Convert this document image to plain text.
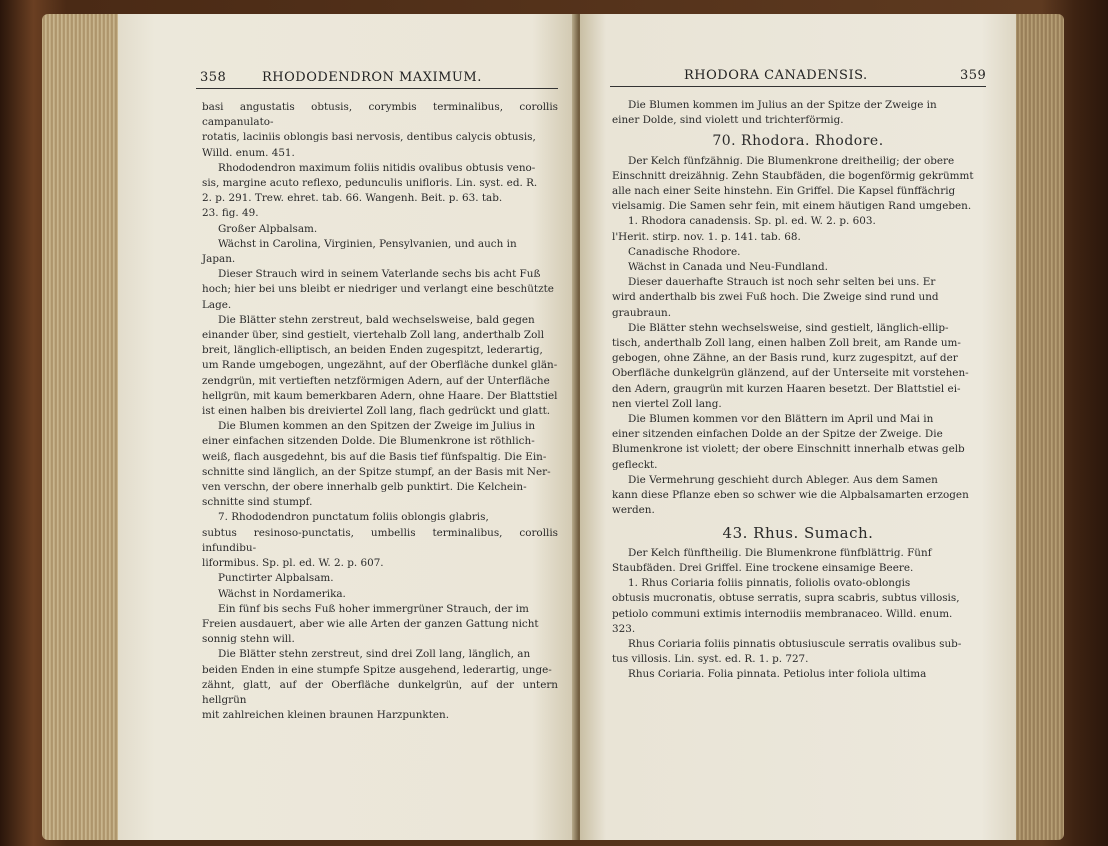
358	RHODODENDRON MAXIMUM.

basi angustatis obtusis, corymbis terminalibus, corollis campanulato-

rotatis, laciniis oblongis basi nervosis, dentibus calycis obtusis,

Willd. enum. 451.

Rhododendron maximum foliis nitidis ovalibus obtusis veno-

sis, margine acuto reflexo, pedunculis unifloris. Lin. syst. ed. R.

2. p. 291. Trew. ehret. tab. 66. Wangenh. Beit. p. 63. tab.

23. fig. 49.

Großer Alpbalsam.

Wächst in Carolina, Virginien, Pensylvanien, und auch in

Japan.

Dieser Strauch wird in seinem Vaterlande sechs bis acht Fuß

hoch; hier bei uns bleibt er niedriger und verlangt eine beschützte

Lage.

Die Blätter stehn zerstreut, bald wechselsweise, bald gegen

einander über, sind gestielt, viertehalb Zoll lang, anderthalb Zoll

breit, länglich-elliptisch, an beiden Enden zugespitzt, lederartig,

um Rande umgebogen, ungezähnt, auf der Oberfläche dunkel glän-

zendgrün, mit vertieften netzförmigen Adern, auf der Unterfläche

hellgrün, mit kaum bemerkbaren Adern, ohne Haare. Der Blattstiel

ist einen halben bis dreiviertel Zoll lang, flach gedrückt und glatt.

Die Blumen kommen an den Spitzen der Zweige im Julius in

einer einfachen sitzenden Dolde. Die Blumenkrone ist röthlich-

weiß, flach ausgedehnt, bis auf die Basis tief fünfspaltig. Die Ein-

schnitte sind länglich, an der Spitze stumpf, an der Basis mit Ner-

ven verschn, der obere innerhalb gelb punktirt. Die Kelchein-

schnitte sind stumpf.

7. Rhododendron punctatum foliis oblongis glabris,

subtus resinoso-punctatis, umbellis terminalibus, corollis infundibu-

liformibus. Sp. pl. ed. W. 2. p. 607.

Punctirter Alpbalsam.

Wächst in Nordamerika.

Ein fünf bis sechs Fuß hoher immergrüner Strauch, der im

Freien ausdauert, aber wie alle Arten der ganzen Gattung nicht

sonnig stehn will.

Die Blätter stehn zerstreut, sind drei Zoll lang, länglich, an

beiden Enden in eine stumpfe Spitze ausgehend, lederartig, unge-

zähnt, glatt, auf der Oberfläche dunkelgrün, auf der untern hellgrün

mit zahlreichen kleinen braunen Harzpunkten.

RHODORA CANADENSIS.	359

Die Blumen kommen im Julius an der Spitze der Zweige in

einer Dolde, sind violett und trichterförmig.

70. Rhodora. Rhodore.

Der Kelch fünfzähnig. Die Blumenkrone dreitheilig; der obere

Einschnitt dreizähnig. Zehn Staubfäden, die bogenförmig gekrümmt

alle nach einer Seite hinstehn. Ein Griffel. Die Kapsel fünffächrig

vielsamig. Die Samen sehr fein, mit einem häutigen Rand umgeben.

1. Rhodora canadensis. Sp. pl. ed. W. 2. p. 603.

l'Herit. stirp. nov. 1. p. 141. tab. 68.

Canadische Rhodore.

Wächst in Canada und Neu-Fundland.

Dieser dauerhafte Strauch ist noch sehr selten bei uns. Er

wird anderthalb bis zwei Fuß hoch. Die Zweige sind rund und

graubraun.

Die Blätter stehn wechselsweise, sind gestielt, länglich-ellip-

tisch, anderthalb Zoll lang, einen halben Zoll breit, am Rande um-

gebogen, ohne Zähne, an der Basis rund, kurz zugespitzt, auf der

Oberfläche dunkelgrün glänzend, auf der Unterseite mit vorstehen-

den Adern, graugrün mit kurzen Haaren besetzt. Der Blattstiel ei-

nen viertel Zoll lang.

Die Blumen kommen vor den Blättern im April und Mai in

einer sitzenden einfachen Dolde an der Spitze der Zweige. Die

Blumenkrone ist violett; der obere Einschnitt innerhalb etwas gelb

gefleckt.

Die Vermehrung geschieht durch Ableger. Aus dem Samen

kann diese Pflanze eben so schwer wie die Alpbalsamarten erzogen

werden.

43. Rhus. Sumach.

Der Kelch fünftheilig. Die Blumenkrone fünfblättrig. Fünf

Staubfäden. Drei Griffel. Eine trockene einsamige Beere.

1. Rhus Coriaria foliis pinnatis, foliolis ovato-oblongis

obtusis mucronatis, obtuse serratis, supra scabris, subtus villosis,

petiolo communi extimis internodiis membranaceo. Willd. enum.

323.

Rhus Coriaria foliis pinnatis obtusiuscule serratis ovalibus sub-

tus villosis. Lin. syst. ed. R. 1. p. 727.

Rhus Coriaria. Folia pinnata. Petiolus inter foliola ultima
